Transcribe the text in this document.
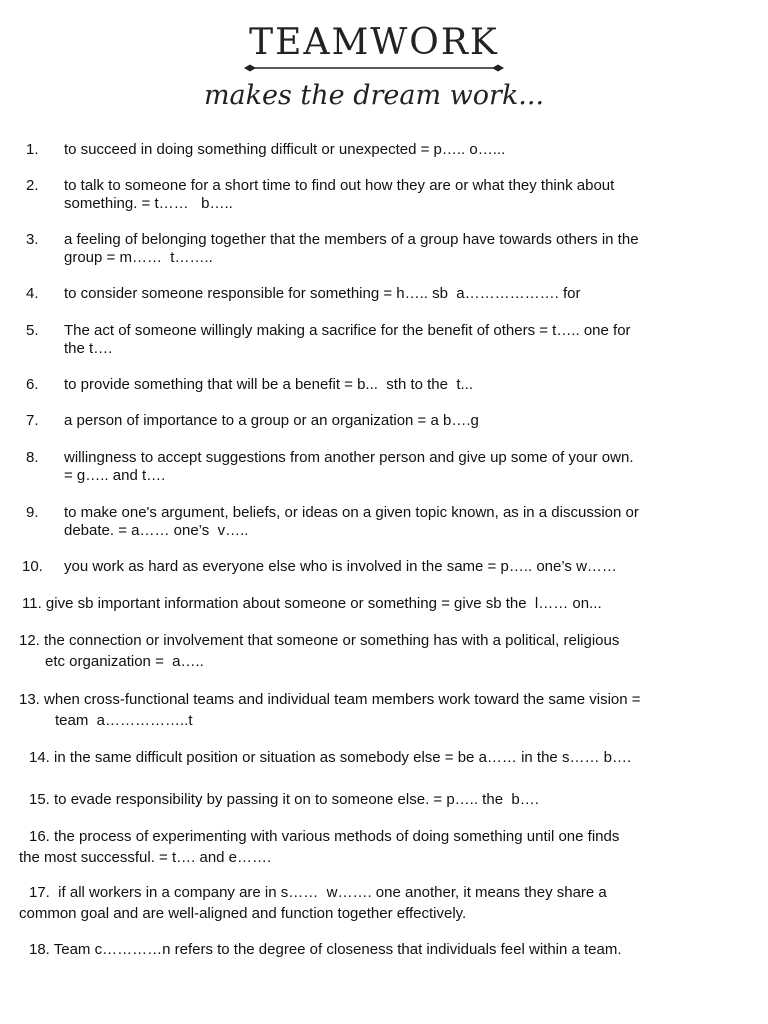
TEAMWORK
makes the dream work...
1. to succeed in doing something difficult or unexpected = p….. o…...
2. to talk to someone for a short time to find out how they are or what they think about
something. = t……   b…..
3. a feeling of belonging together that the members of a group have towards others in the
group = m……  t……..
4. to consider someone responsible for something = h….. sb  a………………. for
5. The act of someone willingly making a sacrifice for the benefit of others = t….. one for
the t….
6. to provide something that will be a benefit = b...  sth to the  t...
7. a person of importance to a group or an organization = a b….g
8. willingness to accept suggestions from another person and give up some of your own.
= g….. and t….
9. to make one's argument, beliefs, or ideas on a given topic known, as in a discussion or
debate. = a…… one’s  v…..
10. you work as hard as everyone else who is involved in the same = p….. one’s w……
11. give sb important information about someone or something = give sb the  l…… on...
12. the connection or involvement that someone or something has with a political, religious
etc organization =  a…..
13. when cross-functional teams and individual team members work toward the same vision =
team  a……………..t
14. in the same difficult position or situation as somebody else = be a…… in the s…… b….
15. to evade responsibility by passing it on to someone else. = p….. the  b….
16. the process of experimenting with various methods of doing something until one finds
the most successful. = t…. and e…….
17.  if all workers in a company are in s……  w……. one another, it means they share a
common goal and are well-aligned and function together effectively.
18. Team c…………n refers to the degree of closeness that individuals feel within a team.
